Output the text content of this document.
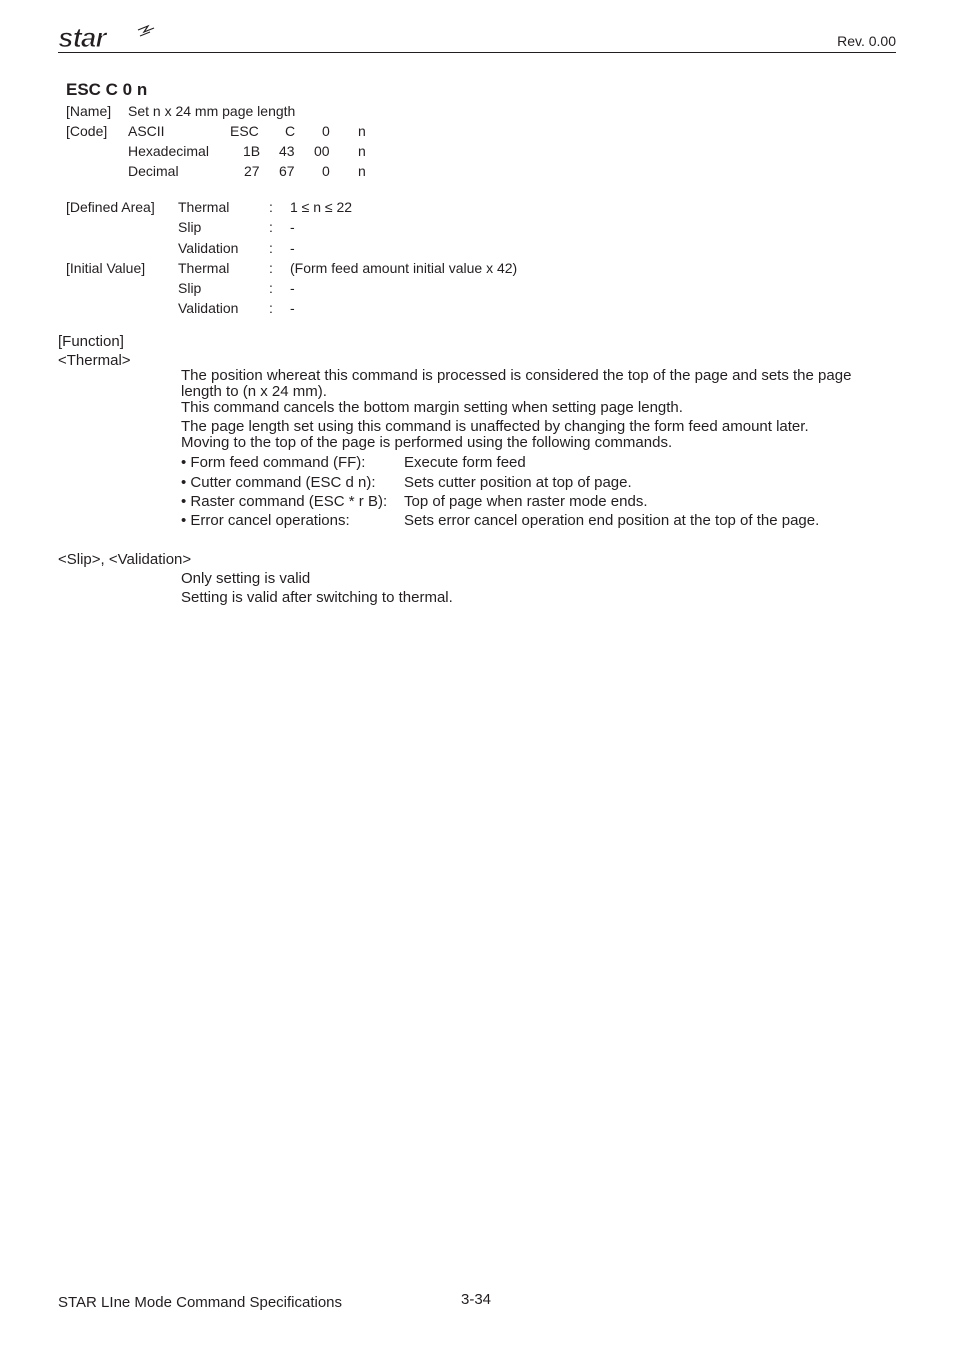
star	Rev. 0.00
ESC C 0 n
[Name] Set n x 24 mm page length
[Code] ASCII	ESC C 0 n
Hexadecimal 1B 43 00 n
Decimal	27 67 0 n
[Defined Area] Thermal	: 1 ≤ n ≤ 22
Slip	: -
Validation : -
[Initial Value] Thermal	: (Form feed amount initial value x 42)
Slip	: -
Validation : -
[Function]
<Thermal>
The position whereat this command is processed is considered the top of the page and sets the page length to (n x 24 mm).
This command cancels the bottom margin setting when setting page length.
The page length set using this command is unaffected by changing the form feed amount later.
Moving to the top of the page is performed using the following commands.
• Form feed command (FF):	Execute form feed
• Cutter command (ESC d n): Sets cutter position at top of page.
• Raster command (ESC * r B): Top of page when raster mode ends.
• Error cancel operations:	Sets error cancel operation end position at the top of the page.
<Slip>, <Validation>
Only setting is valid
Setting is valid after switching to thermal.
STAR LIne Mode Command Specifications	3-34
